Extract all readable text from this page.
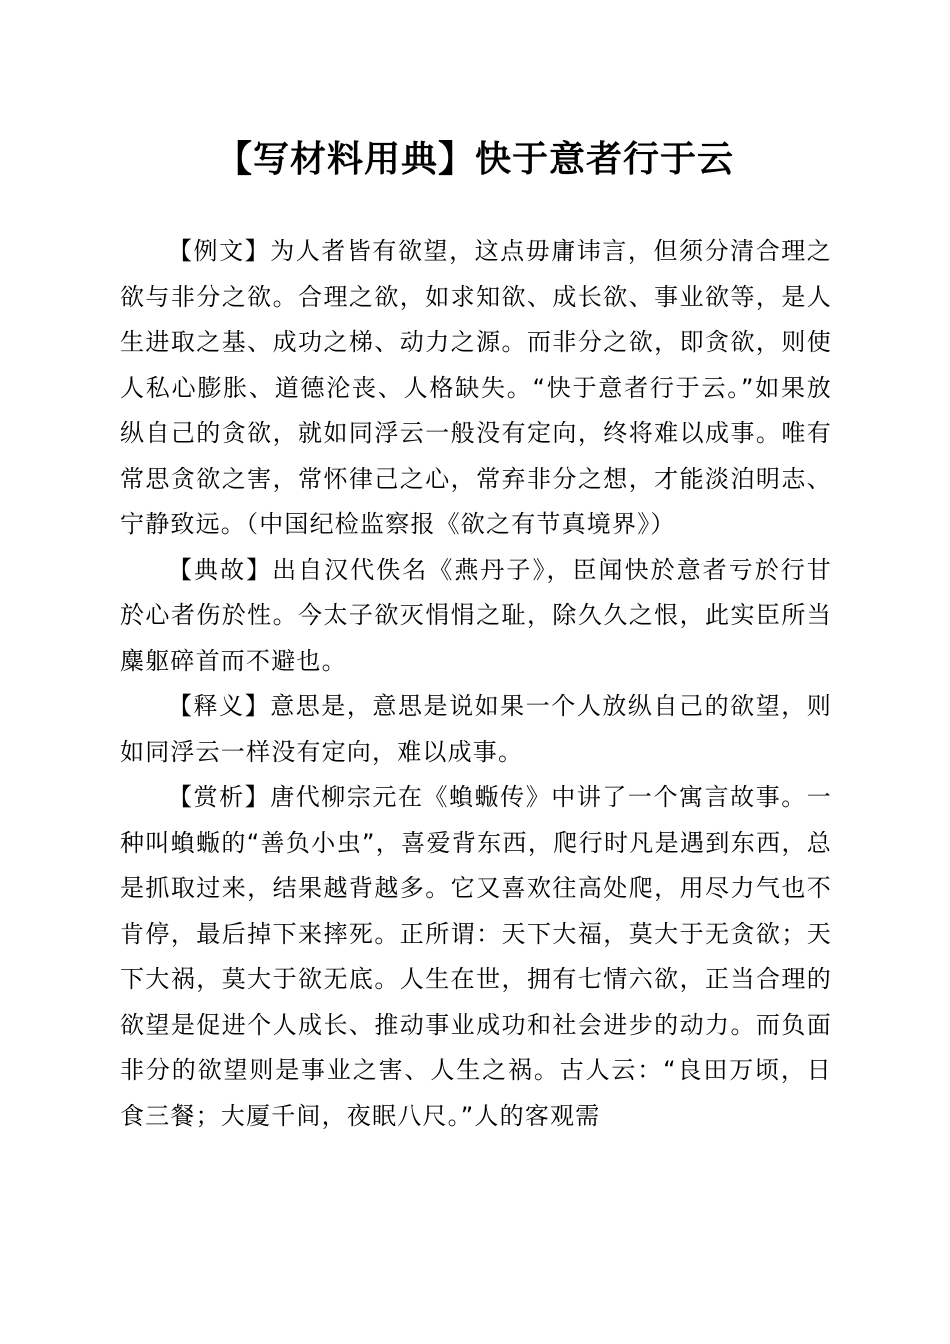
【写材料用典】快于意者行于云

【例文】为人者皆有欲望，这点毋庸讳言，但须分清合理之欲与非分之欲。合理之欲，如求知欲、成长欲、事业欲等，是人生进取之基、成功之梯、动力之源。而非分之欲，即贪欲，则使人私心膨胀、道德沦丧、人格缺失。“快于意者行于云。”如果放纵自己的贪欲，就如同浮云一般没有定向，终将难以成事。唯有常思贪欲之害，常怀律己之心，常弃非分之想，才能淡泊明志、宁静致远。（中国纪检监察报《欲之有节真境界》）

【典故】出自汉代佚名《燕丹子》，臣闻快於意者亏於行甘於心者伤於性。今太子欲灭悁悁之耻，除久久之恨，此实臣所当麋躯碎首而不避也。

【释义】意思是，意思是说如果一个人放纵自己的欲望，则如同浮云一样没有定向，难以成事。

【赏析】唐代柳宗元在《蝜蝂传》中讲了一个寓言故事。一种叫蝜蝂的“善负小虫”，喜爱背东西，爬行时凡是遇到东西，总是抓取过来，结果越背越多。它又喜欢往高处爬，用尽力气也不肯停，最后掉下来摔死。正所谓：天下大福，莫大于无贪欲；天下大祸，莫大于欲无底。人生在世，拥有七情六欲，正当合理的欲望是促进个人成长、推动事业成功和社会进步的动力。而负面非分的欲望则是事业之害、人生之祸。古人云：“良田万顷，日食三餐；大厦千间，夜眠八尺。”人的客观需
